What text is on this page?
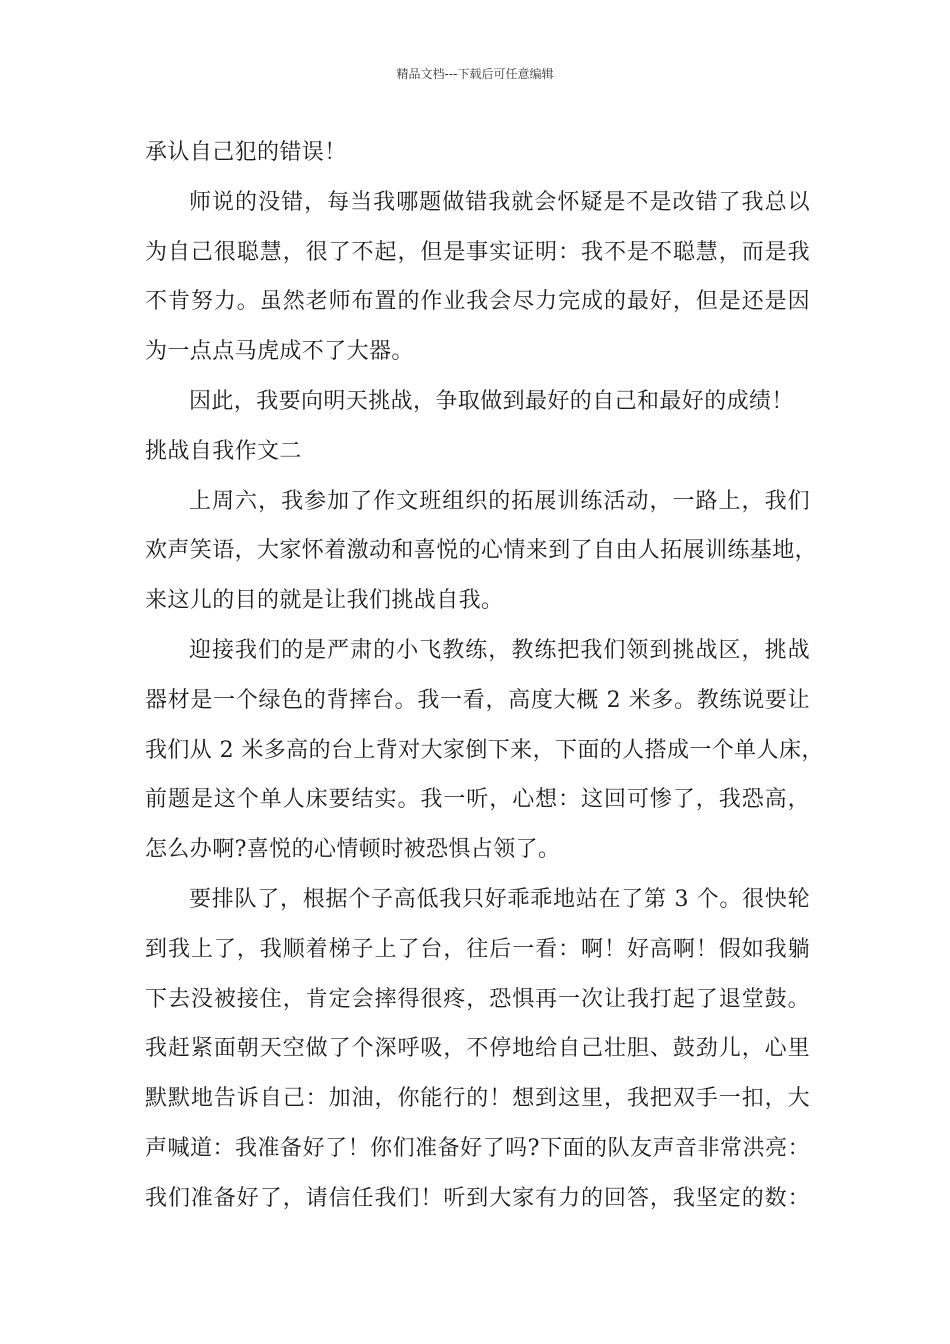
精品文档---下载后可任意编辑
承认自己犯的错误！
师说的没错，每当我哪题做错我就会怀疑是不是改错了我总以
为自己很聪慧，很了不起，但是事实证明：我不是不聪慧，而是我
不肯努力。虽然老师布置的作业我会尽力完成的最好，但是还是因
为一点点马虎成不了大器。
因此，我要向明天挑战，争取做到最好的自己和最好的成绩！
挑战自我作文二
上周六，我参加了作文班组织的拓展训练活动，一路上，我们
欢声笑语，大家怀着激动和喜悦的心情来到了自由人拓展训练基地，
来这儿的目的就是让我们挑战自我。
迎接我们的是严肃的小飞教练，教练把我们领到挑战区，挑战
器材是一个绿色的背摔台。我一看，高度大概 2 米多。教练说要让
我们从 2 米多高的台上背对大家倒下来，下面的人搭成一个单人床，
前题是这个单人床要结实。我一听，心想：这回可惨了，我恐高，
怎么办啊?喜悦的心情顿时被恐惧占领了。
要排队了，根据个子高低我只好乖乖地站在了第 3 个。很快轮
到我上了，我顺着梯子上了台，往后一看：啊！好高啊！假如我躺
下去没被接住，肯定会摔得很疼，恐惧再一次让我打起了退堂鼓。
我赶紧面朝天空做了个深呼吸，不停地给自己壮胆、鼓劲儿，心里
默默地告诉自己：加油，你能行的！想到这里，我把双手一扣，大
声喊道：我准备好了！你们准备好了吗?下面的队友声音非常洪亮：
我们准备好了，请信任我们！听到大家有力的回答，我坚定的数：
